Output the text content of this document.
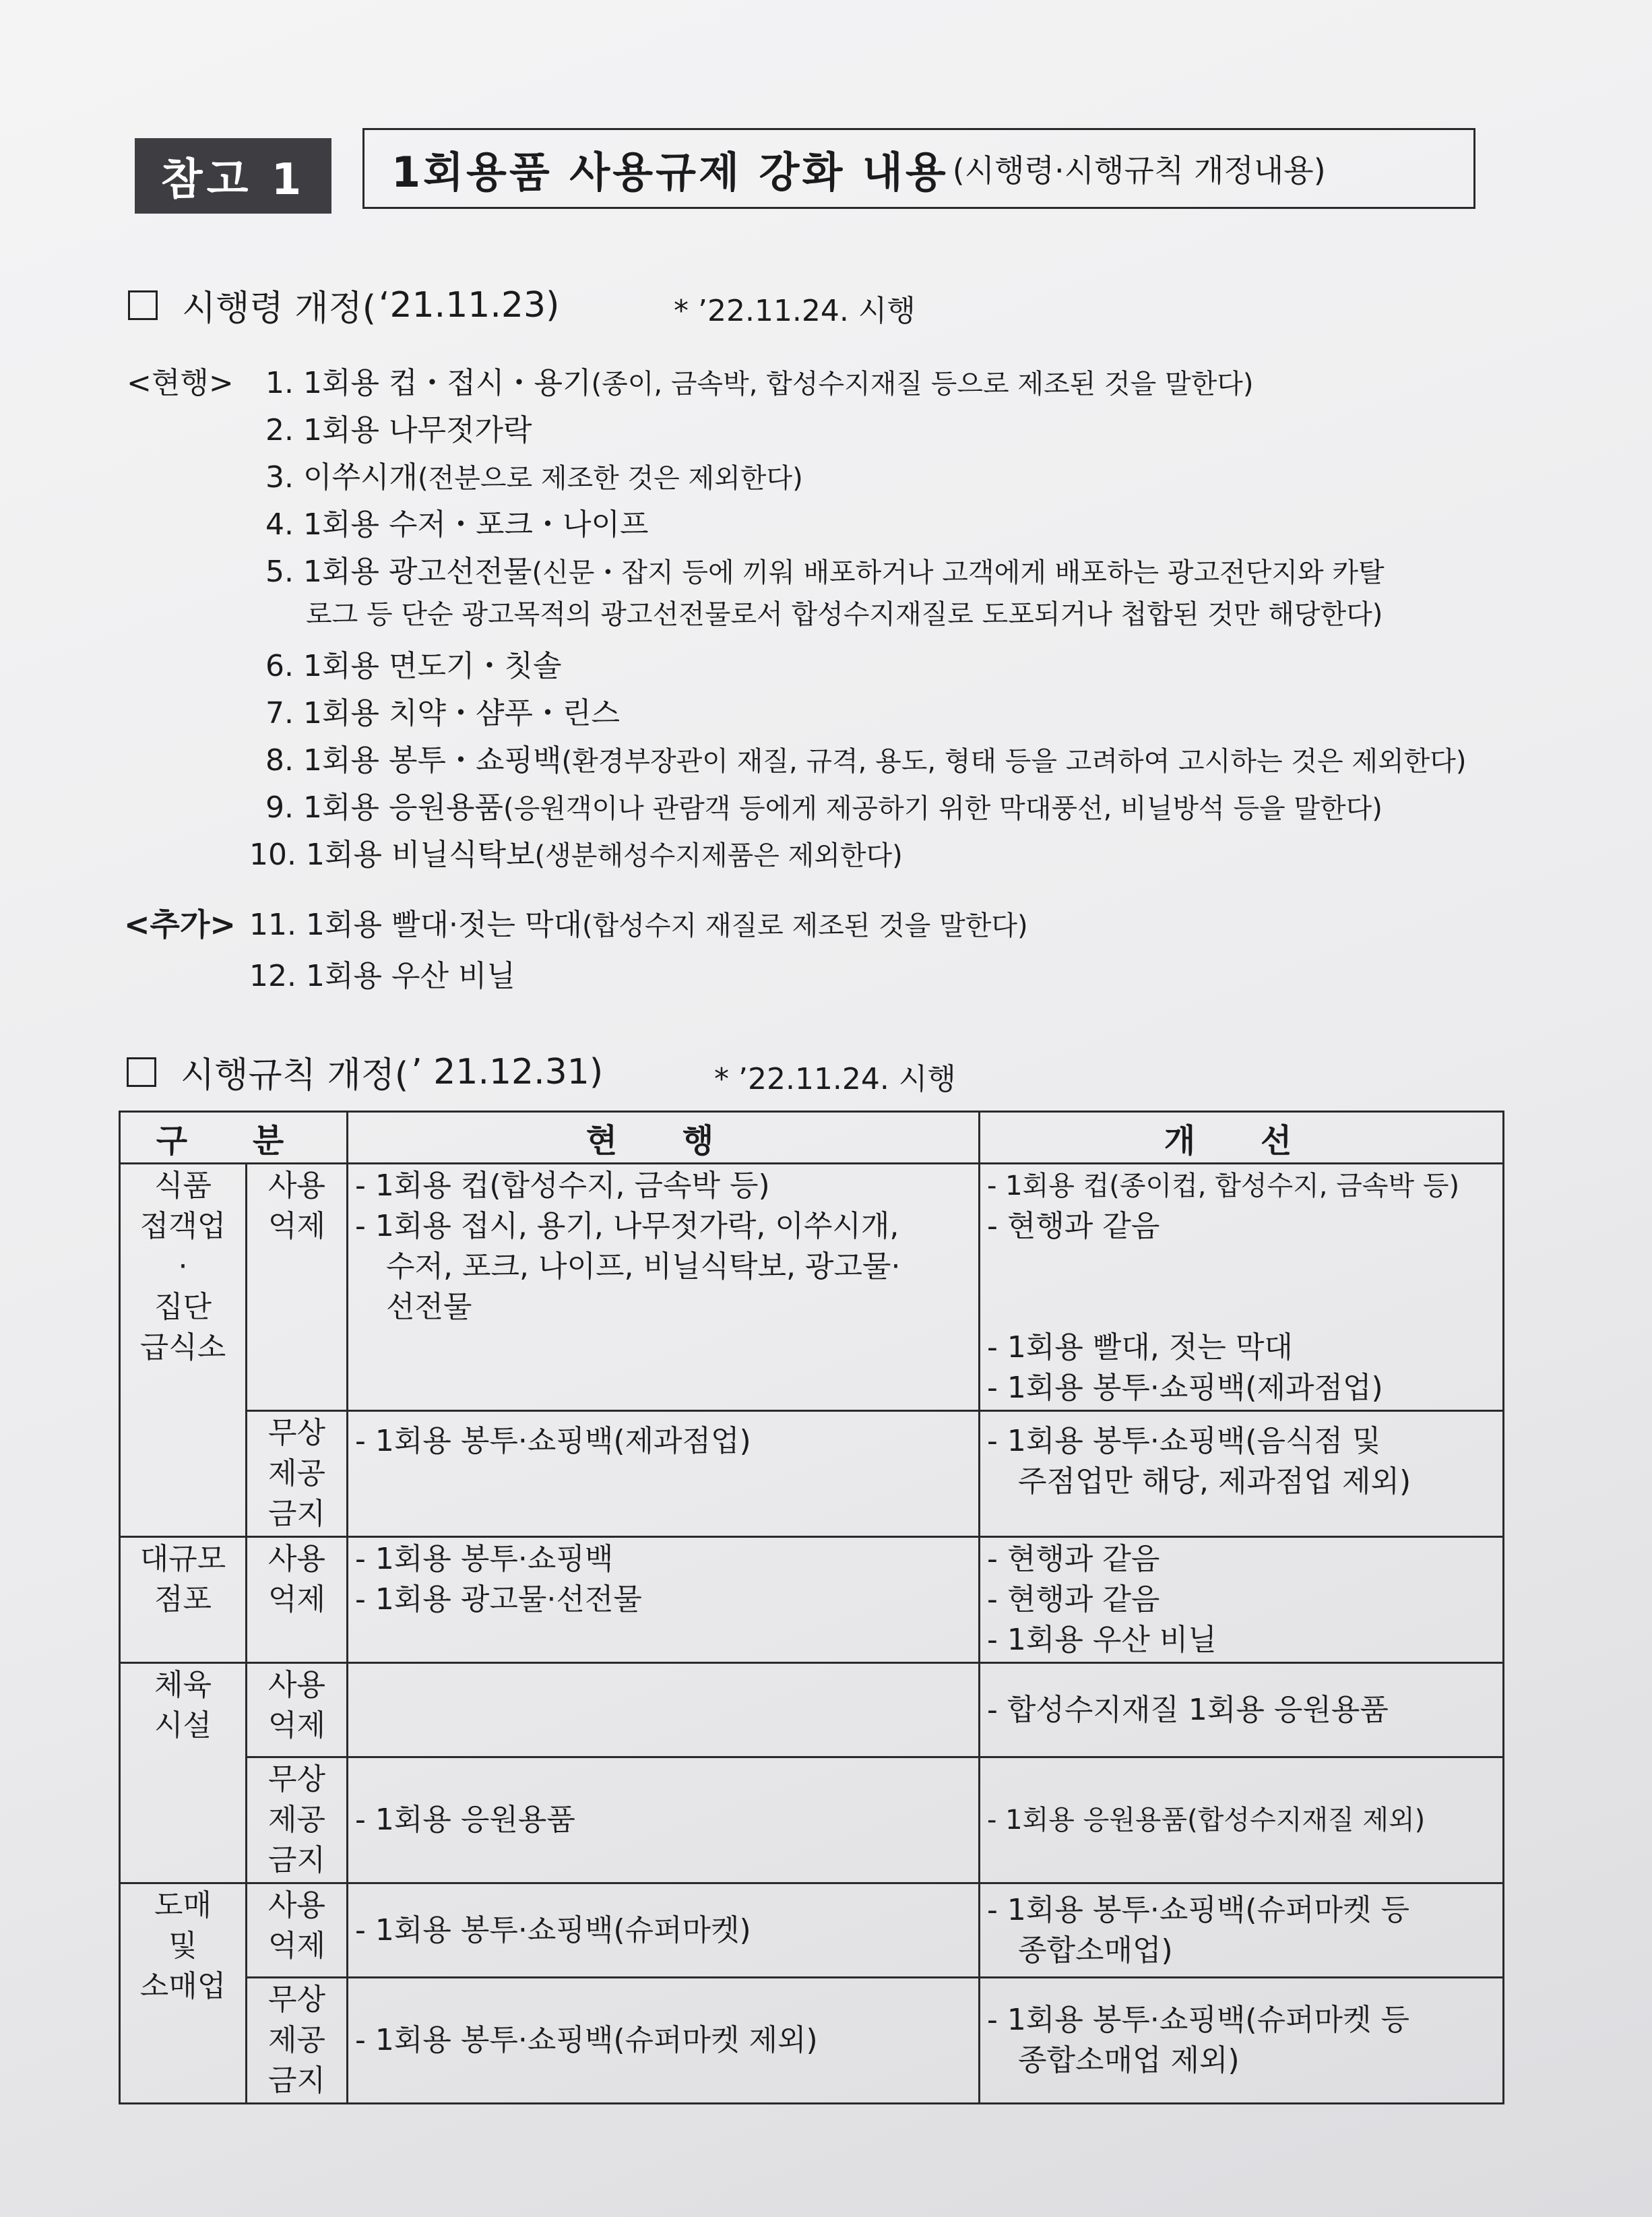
참고 1	1회용품 사용규제 강화 내용 (시행령·시행규칙 개정내용)
시행령 개정( ‘21.11.23)	* ’22.11.24. 시행
<현행>
<추가>
1. 1회용 컵・접시・용기(종이, 금속박, 합성수지재질 등으로 제조된 것을 말한다)
2. 1회용 나무젓가락
3. 이쑤시개(전분으로 제조한 것은 제외한다)
4. 1회용 수저・포크・나이프
5. 1회용 광고선전물(신문・잡지 등에 끼워 배포하거나 고객에게 배포하는 광고전단지와 카탈
로그 등 단순 광고목적의 광고선전물로서 합성수지재질로 도포되거나 첩합된 것만 해당한다)
6. 1회용 면도기・칫솔
7. 1회용 치약・샴푸・린스
8. 1회용 봉투・쇼핑백(환경부장관이 재질, 규격, 용도, 형태 등을 고려하여 고시하는 것은 제외한다)
9. 1회용 응원용품(응원객이나 관람객 등에게 제공하기 위한 막대풍선, 비닐방석 등을 말한다)
10. 1회용 비닐식탁보(생분해성수지제품은 제외한다)
11. 1회용 빨대·젓는 막대(합성수지 재질로 제조된 것을 말한다)
12. 1회용 우산 비닐
시행규칙 개정( ’ 21.12.31)	* ’22.11.24. 시행
구 분		현 행	개 선

식품
접객업
·
집단
급식소	사용
억제	- 1회용 컵(합성수지, 금속박 등)
- 1회용 접시, 용기, 나무젓가락, 이쑤시개,
수저, 포크, 나이프, 비닐식탁보, 광고물·
선전물	- 1회용 컵(종이컵, 합성수지, 금속박 등)
- 현행과 같음
- 1회용 빨대, 젓는 막대
- 1회용 봉투·쇼핑백(제과점업)

	무상
제공
금지	- 1회용 봉투·쇼핑백(제과점업)	- 1회용 봉투·쇼핑백(음식점 및
주점업만 해당, 제과점업 제외)

대규모
점포	사용
억제	- 1회용 봉투·쇼핑백
- 1회용 광고물·선전물	- 현행과 같음
- 현행과 같음
- 1회용 우산 비닐

체육
시설	사용
억제		- 합성수지재질 1회용 응원용품

	무상
제공
금지	- 1회용 응원용품	- 1회용 응원용품(합성수지재질 제외)

도매
및
소매업	사용
억제	- 1회용 봉투·쇼핑백(슈퍼마켓)	- 1회용 봉투·쇼핑백(슈퍼마켓 등
종합소매업)

	무상
제공
금지	- 1회용 봉투·쇼핑백(슈퍼마켓 제외)	- 1회용 봉투·쇼핑백(슈퍼마켓 등
종합소매업 제외)
